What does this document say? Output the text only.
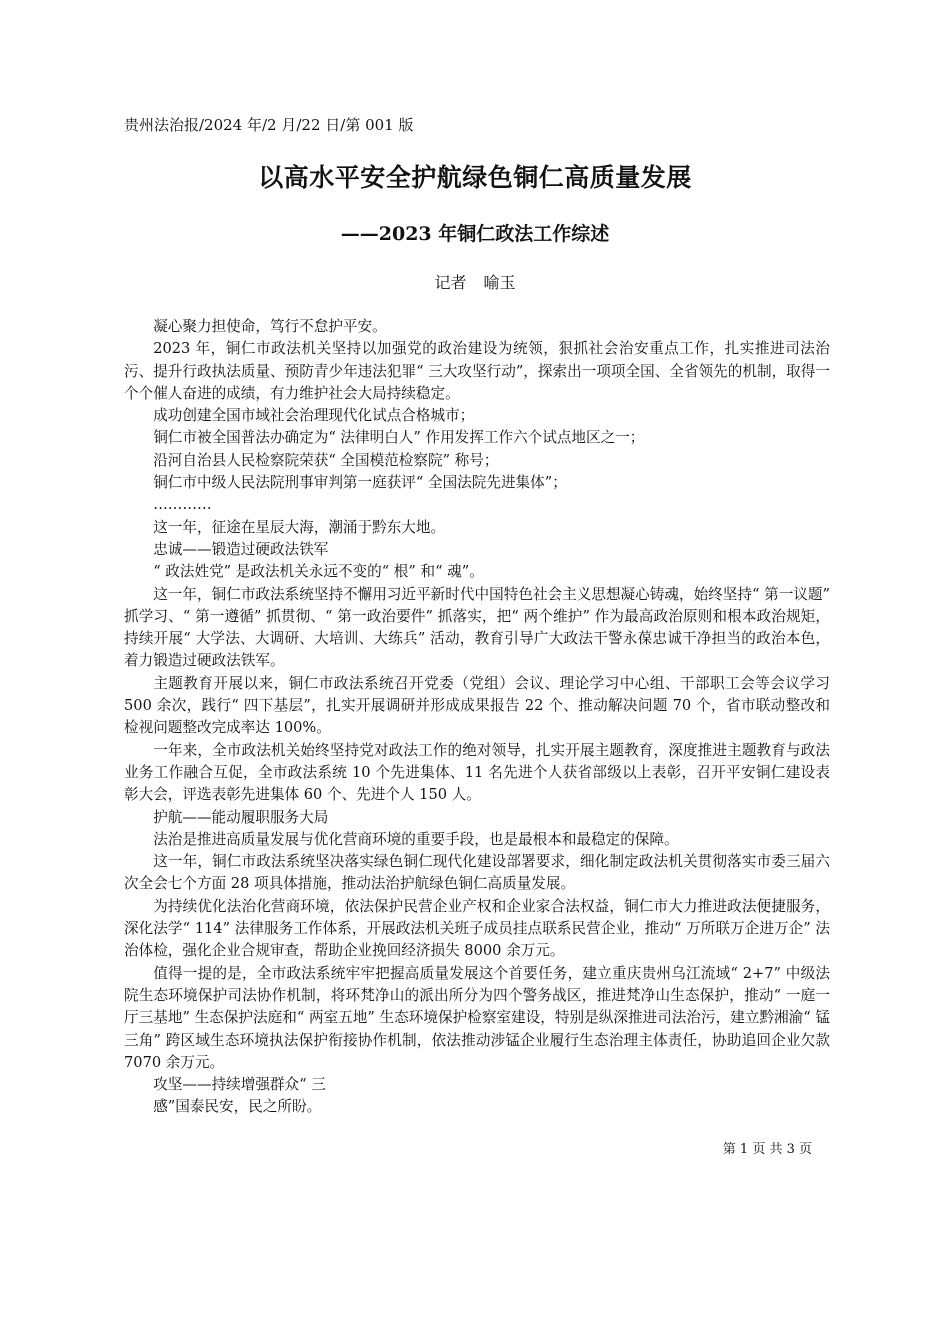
贵州法治报/2024 年/2 月/22 日/第 001 版
以高水平安全护航绿色铜仁高质量发展
——2023 年铜仁政法工作综述
记者 喻玉

凝心聚力担使命，笃行不怠护平安。

2023 年，铜仁市政法机关坚持以加强党的政治建设为统领，狠抓社会治安重点工作，扎实推进司法治污、提升行政执法质量、预防青少年违法犯罪“ 三大攻坚行动”，探索出一项项全国、全省领先的机制，取得一个个催人奋进的成绩，有力维护社会大局持续稳定。

成功创建全国市域社会治理现代化试点合格城市；

铜仁市被全国普法办确定为“ 法律明白人” 作用发挥工作六个试点地区之一；

沿河自治县人民检察院荣获“ 全国模范检察院” 称号；

铜仁市中级人民法院刑事审判第一庭获评“ 全国法院先进集体”；

…………

这一年，征途在星辰大海，潮涌于黔东大地。

忠诚——锻造过硬政法铁军

“ 政法姓党” 是政法机关永远不变的“ 根” 和“ 魂”。

这一年，铜仁市政法系统坚持不懈用习近平新时代中国特色社会主义思想凝心铸魂，始终坚持“ 第一议题” 抓学习、“ 第一遵循” 抓贯彻、“ 第一政治要件” 抓落实，把“ 两个维护” 作为最高政治原则和根本政治规矩，持续开展“ 大学法、大调研、大培训、大练兵” 活动，教育引导广大政法干警永葆忠诚干净担当的政治本色，着力锻造过硬政法铁军。

主题教育开展以来，铜仁市政法系统召开党委（党组）会议、理论学习中心组、干部职工会等会议学习 500 余次，践行“ 四下基层”，扎实开展调研并形成成果报告 22 个、推动解决问题 70 个，省市联动整改和检视问题整改完成率达 100%。

一年来，全市政法机关始终坚持党对政法工作的绝对领导，扎实开展主题教育，深度推进主题教育与政法业务工作融合互促，全市政法系统 10 个先进集体、11 名先进个人获省部级以上表彰，召开平安铜仁建设表彰大会，评选表彰先进集体 60 个、先进个人 150 人。

护航——能动履职服务大局

法治是推进高质量发展与优化营商环境的重要手段，也是最根本和最稳定的保障。

这一年，铜仁市政法系统坚决落实绿色铜仁现代化建设部署要求，细化制定政法机关贯彻落实市委三届六次全会七个方面 28 项具体措施，推动法治护航绿色铜仁高质量发展。

为持续优化法治化营商环境，依法保护民营企业产权和企业家合法权益，铜仁市大力推进政法便捷服务，深化法学“ 114” 法律服务工作体系，开展政法机关班子成员挂点联系民营企业，推动“ 万所联万企进万企” 法治体检，强化企业合规审查，帮助企业挽回经济损失 8000 余万元。

值得一提的是，全市政法系统牢牢把握高质量发展这个首要任务，建立重庆贵州乌江流域“ 2+7” 中级法院生态环境保护司法协作机制，将环梵净山的派出所分为四个警务战区，推进梵净山生态保护，推动“ 一庭一厅三基地” 生态保护法庭和“ 两室五地” 生态环境保护检察室建设，特别是纵深推进司法治污，建立黔湘渝“ 锰三角” 跨区域生态环境执法保护衔接协作机制，依法推动涉锰企业履行生态治理主体责任，协助追回企业欠款 7070 余万元。

攻坚——持续增强群众“ 三

感”国泰民安，民之所盼。

第 1 页 共 3 页
